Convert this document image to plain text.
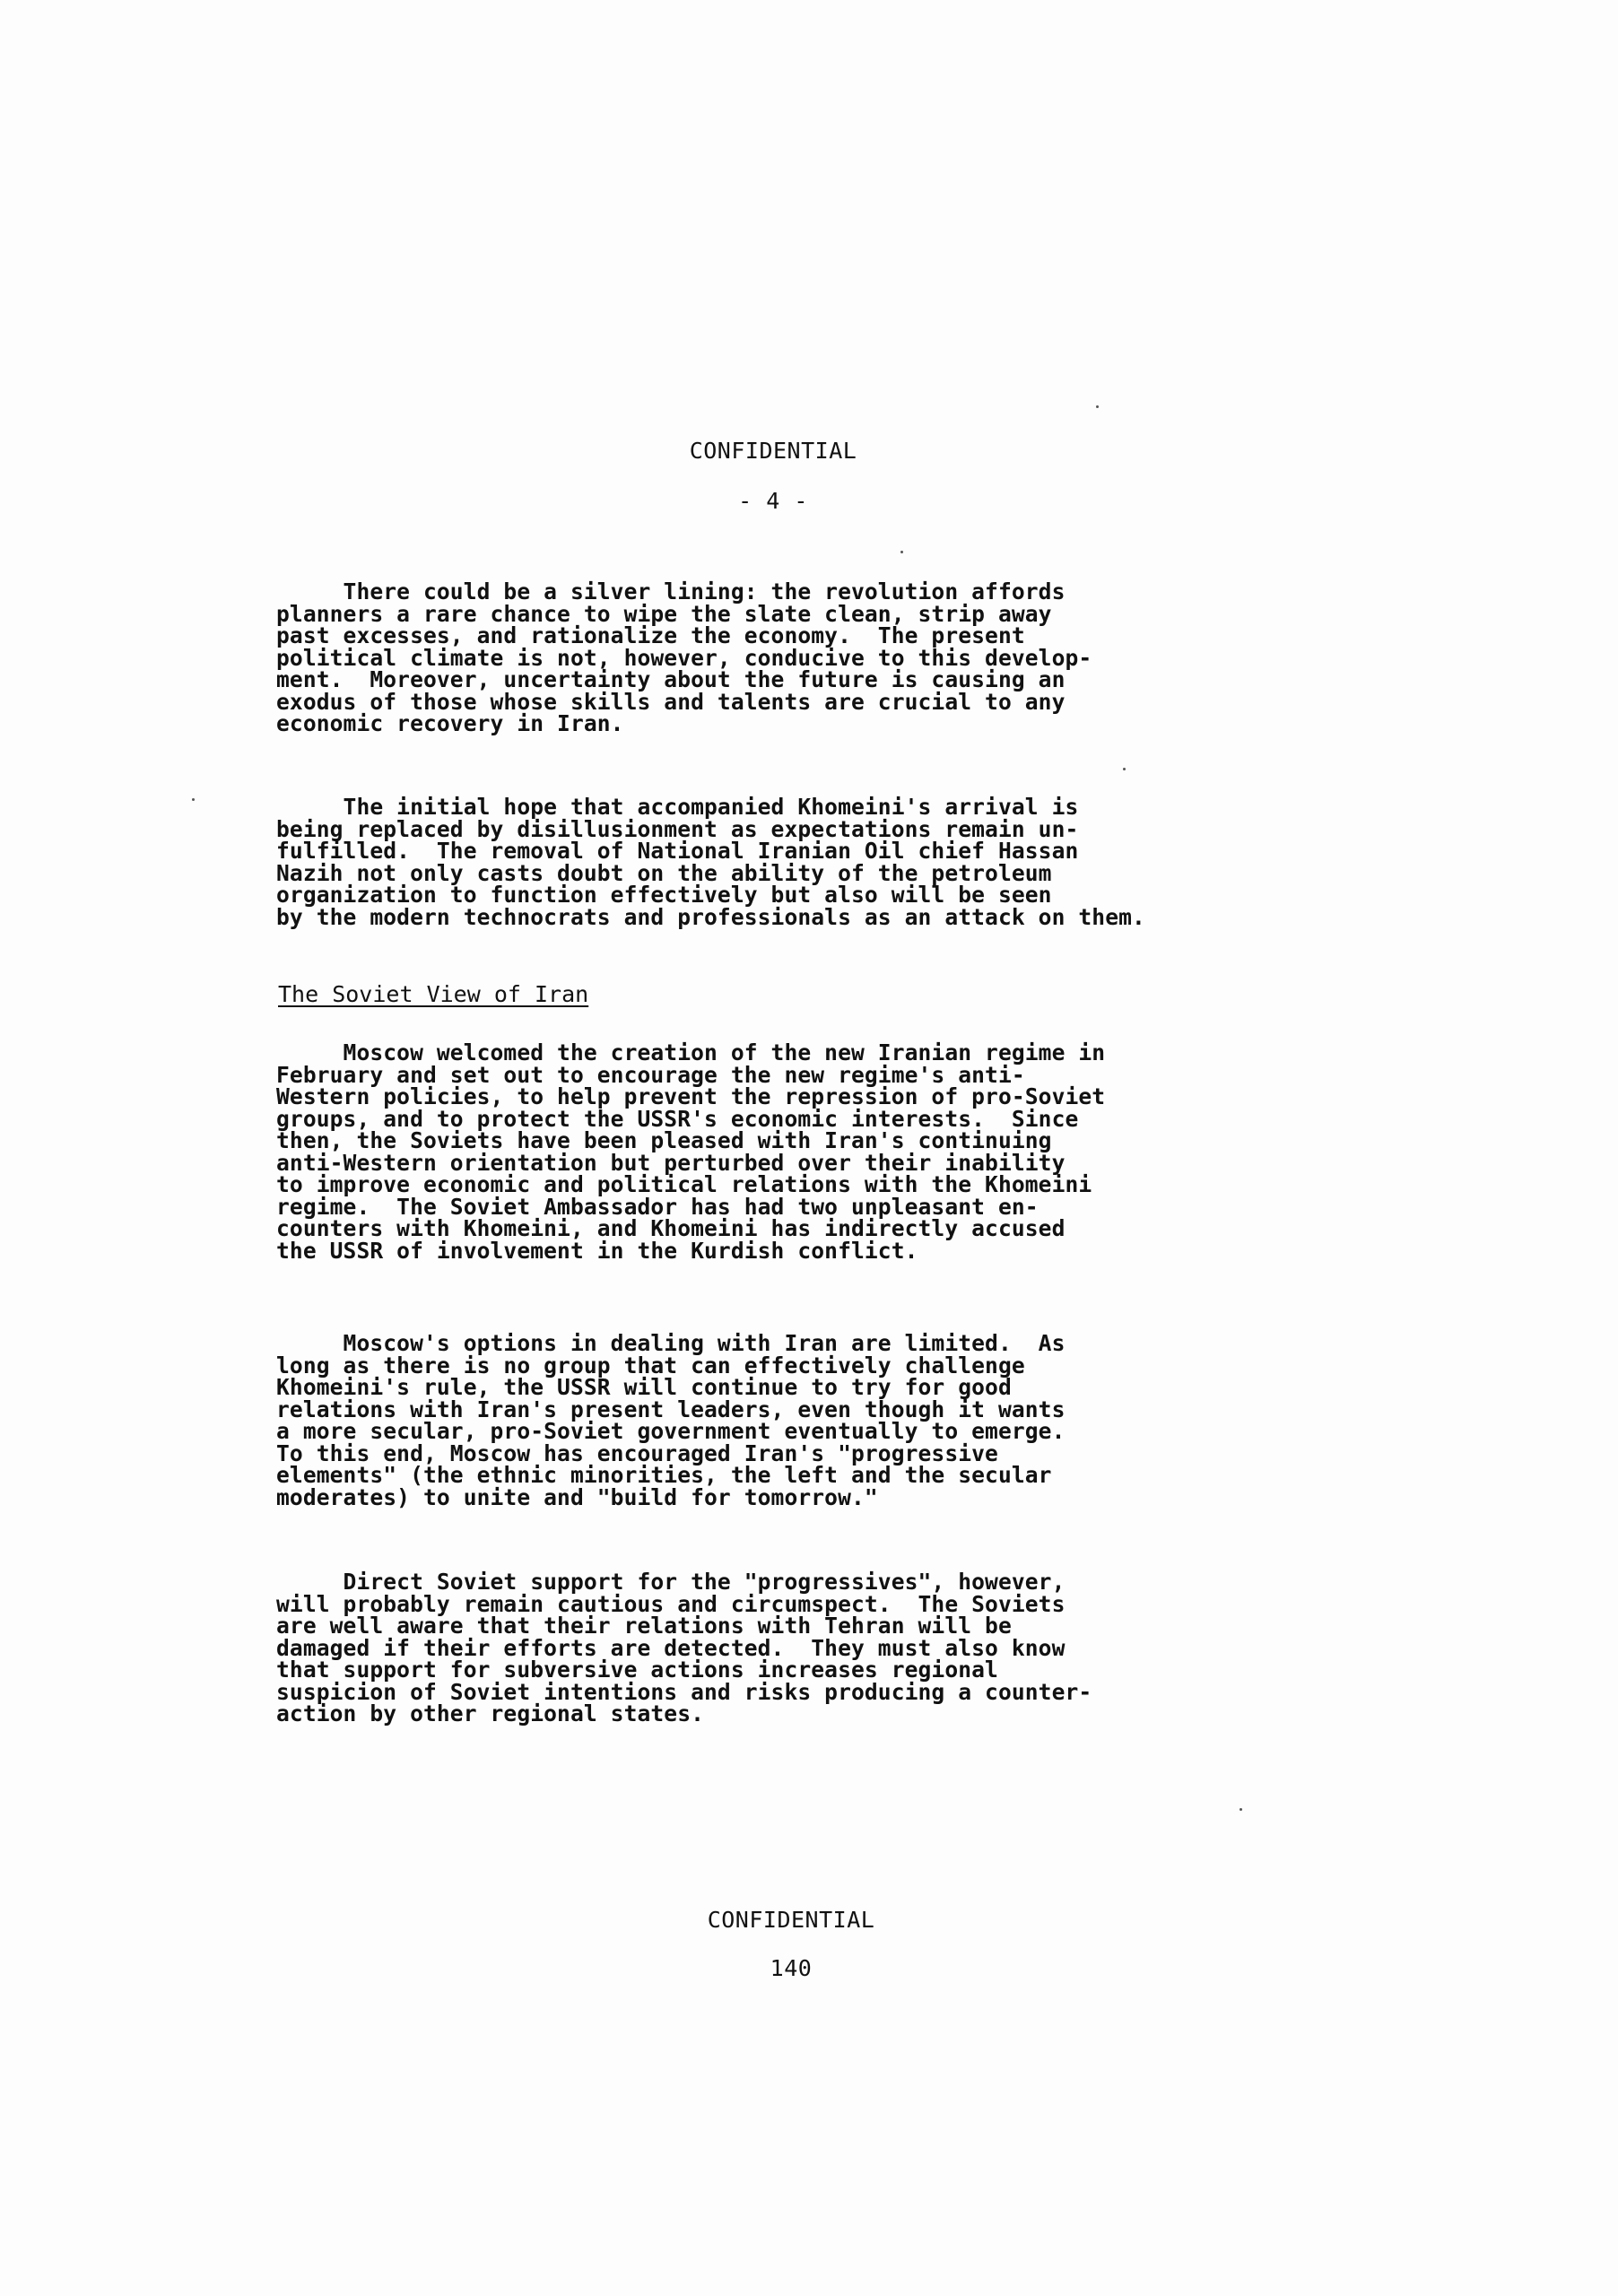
CONFIDENTIAL
- 4 -

There could be a silver lining: the revolution affords
planners a rare chance to wipe the slate clean, strip away
past excesses, and rationalize the economy.  The present
political climate is not, however, conducive to this develop-
ment.  Moreover, uncertainty about the future is causing an
exodus of those whose skills and talents are crucial to any
economic recovery in Iran.

The initial hope that accompanied Khomeini's arrival is
being replaced by disillusionment as expectations remain un-
fulfilled.  The removal of National Iranian Oil chief Hassan
Nazih not only casts doubt on the ability of the petroleum
organization to function effectively but also will be seen
by the modern technocrats and professionals as an attack on them.

The Soviet View of Iran

Moscow welcomed the creation of the new Iranian regime in
February and set out to encourage the new regime's anti-
Western policies, to help prevent the repression of pro-Soviet
groups, and to protect the USSR's economic interests.  Since
then, the Soviets have been pleased with Iran's continuing
anti-Western orientation but perturbed over their inability
to improve economic and political relations with the Khomeini
regime.  The Soviet Ambassador has had two unpleasant en-
counters with Khomeini, and Khomeini has indirectly accused
the USSR of involvement in the Kurdish conflict.

Moscow's options in dealing with Iran are limited.  As
long as there is no group that can effectively challenge
Khomeini's rule, the USSR will continue to try for good
relations with Iran's present leaders, even though it wants
a more secular, pro-Soviet government eventually to emerge.
To this end, Moscow has encouraged Iran's "progressive
elements" (the ethnic minorities, the left and the secular
moderates) to unite and "build for tomorrow."

Direct Soviet support for the "progressives", however,
will probably remain cautious and circumspect.  The Soviets
are well aware that their relations with Tehran will be
damaged if their efforts are detected.  They must also know
that support for subversive actions increases regional
suspicion of Soviet intentions and risks producing a counter-
action by other regional states.

CONFIDENTIAL
140
